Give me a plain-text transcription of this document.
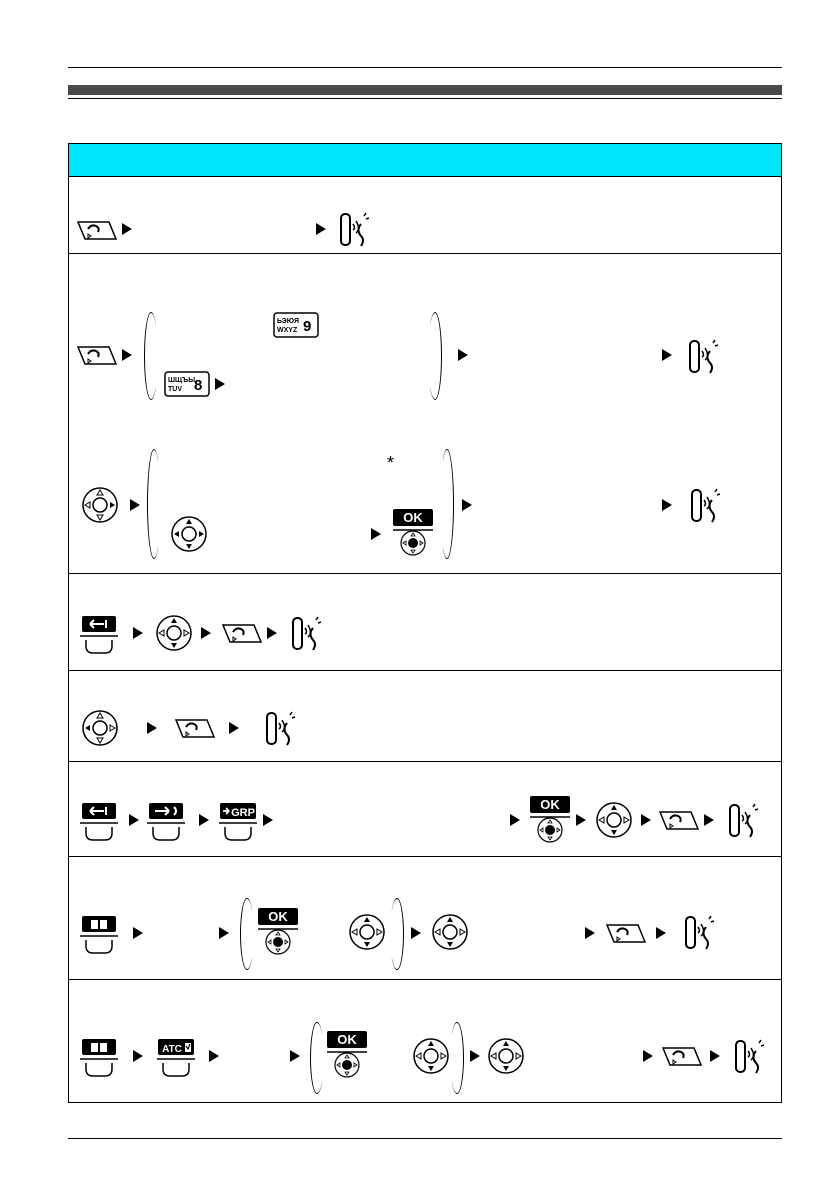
ЬЭЮЯ
WXYZ 9
ШЩЪЫ
TUV 8
*
OK
GRP
OK
OK
ATC
OK
